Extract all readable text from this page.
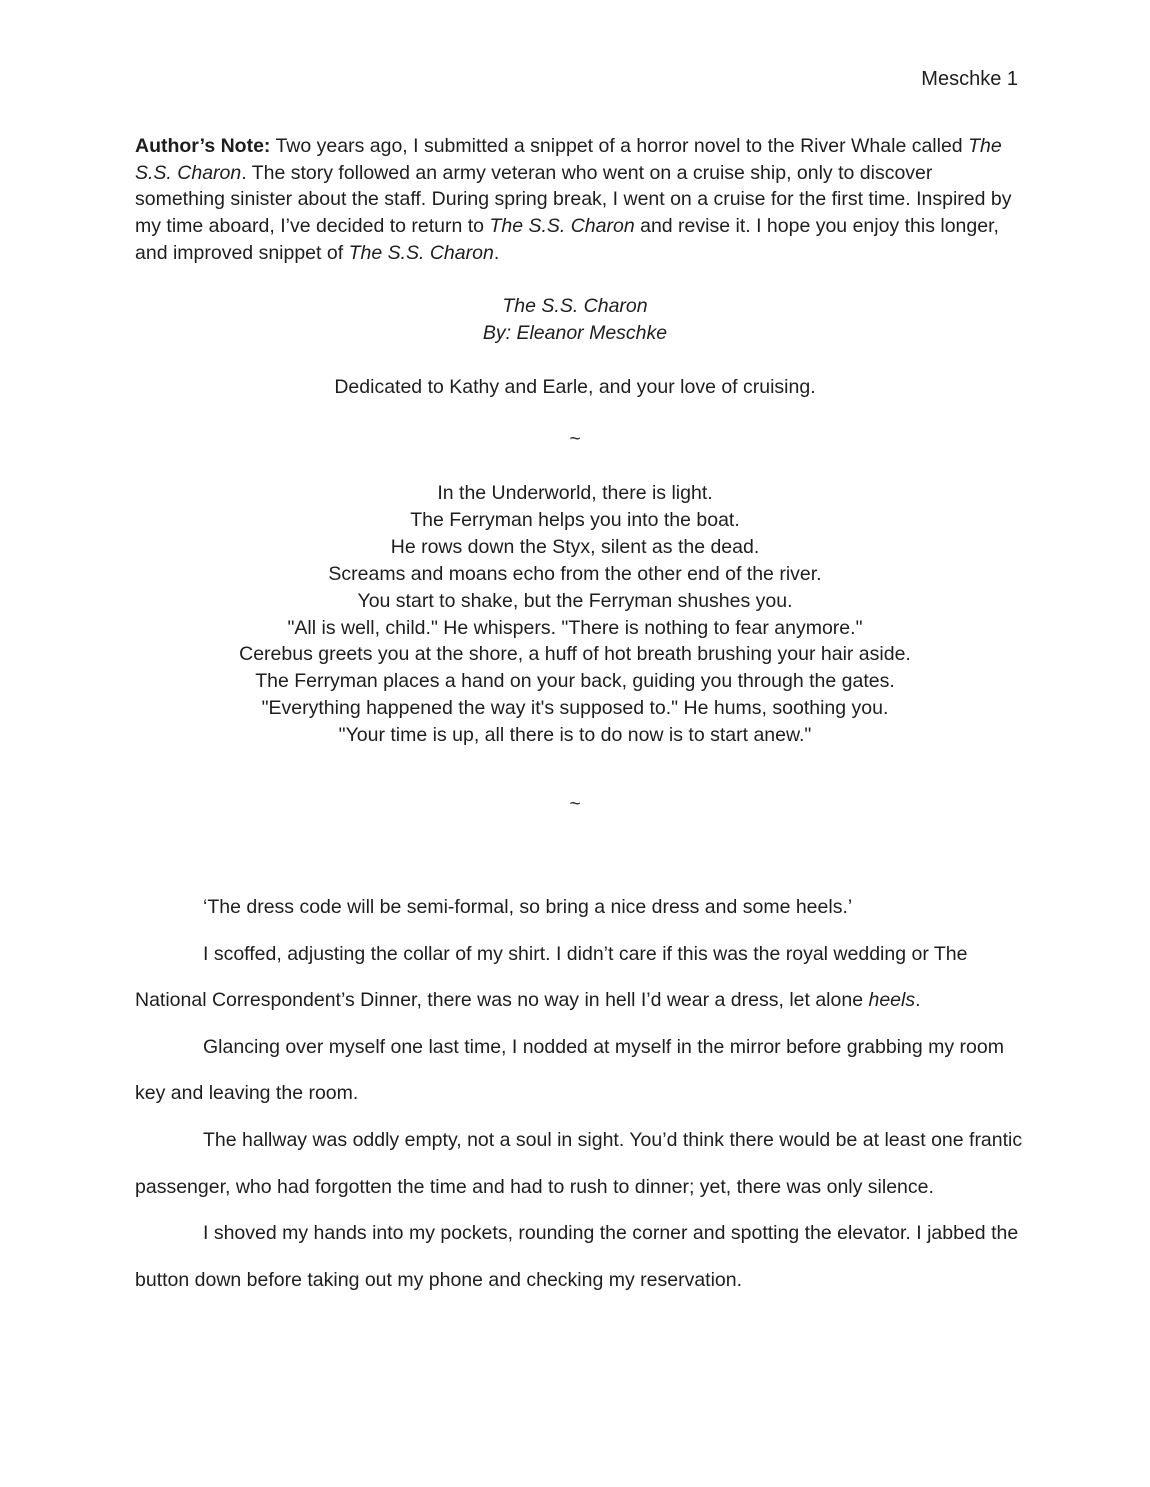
Meschke 1
Author’s Note: Two years ago, I submitted a snippet of a horror novel to the River Whale called The S.S. Charon. The story followed an army veteran who went on a cruise ship, only to discover something sinister about the staff. During spring break, I went on a cruise for the first time. Inspired by my time aboard, I’ve decided to return to The S.S. Charon and revise it. I hope you enjoy this longer, and improved snippet of The S.S. Charon.
The S.S. Charon
By: Eleanor Meschke
Dedicated to Kathy and Earle, and your love of cruising.
~
In the Underworld, there is light.
The Ferryman helps you into the boat.
He rows down the Styx, silent as the dead.
Screams and moans echo from the other end of the river.
You start to shake, but the Ferryman shushes you.
"All is well, child." He whispers. "There is nothing to fear anymore."
Cerebus greets you at the shore, a huff of hot breath brushing your hair aside.
The Ferryman places a hand on your back, guiding you through the gates.
"Everything happened the way it's supposed to." He hums, soothing you.
"Your time is up, all there is to do now is to start anew."
~

‘The dress code will be semi-formal, so bring a nice dress and some heels.’

I scoffed, adjusting the collar of my shirt. I didn’t care if this was the royal wedding or The National Correspondent’s Dinner, there was no way in hell I’d wear a dress, let alone heels.

Glancing over myself one last time, I nodded at myself in the mirror before grabbing my room key and leaving the room.

The hallway was oddly empty, not a soul in sight. You’d think there would be at least one frantic passenger, who had forgotten the time and had to rush to dinner; yet, there was only silence.

I shoved my hands into my pockets, rounding the corner and spotting the elevator. I jabbed the button down before taking out my phone and checking my reservation.
